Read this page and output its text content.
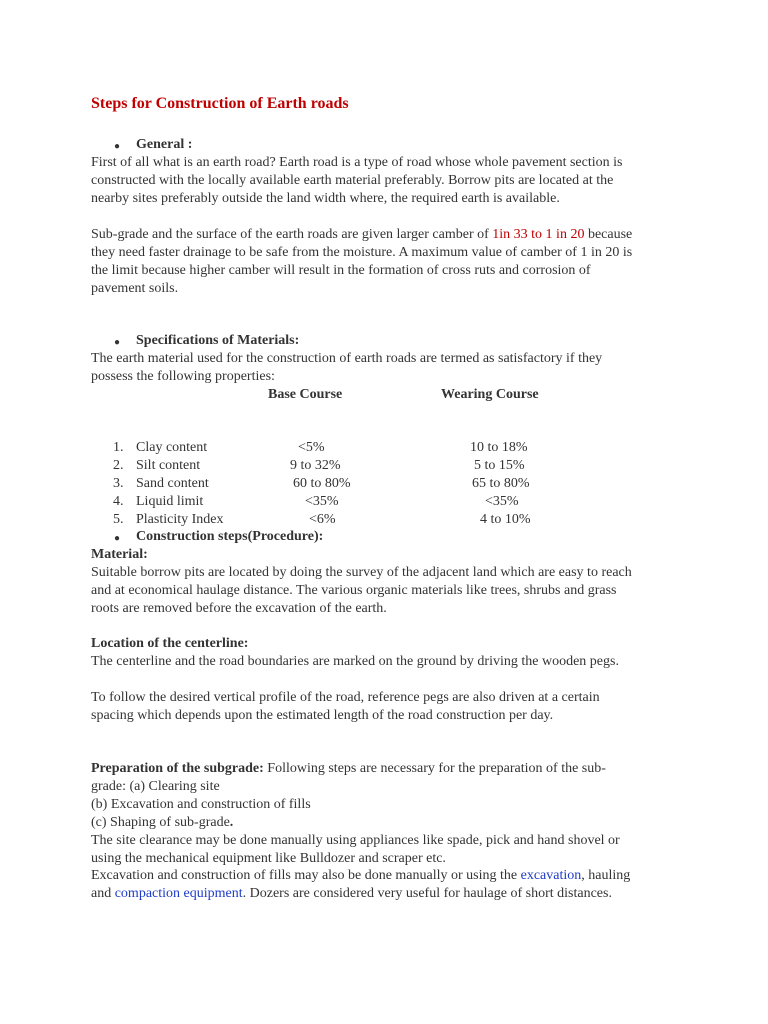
Steps for Construction of Earth roads
● General :
First of all what is an earth road? Earth road is a type of road whose whole pavement section is
constructed with the locally available earth material preferably. Borrow pits are located at the
nearby sites preferably outside the land width where, the required earth is available.
Sub-grade and the surface of the earth roads are given larger camber of 1in 33 to 1 in 20 because
they need faster drainage to be safe from the moisture. A maximum value of camber of 1 in 20 is
the limit because higher camber will result in the formation of cross ruts and corrosion of
pavement soils.
● Specifications of Materials:
The earth material used for the construction of earth roads are termed as satisfactory if they
possess the following properties:
Base Course	Wearing Course
1. Clay content	<5%	10 to 18%
2. Silt content	9 to 32%	5 to 15%
3. Sand content	60 to 80%	65 to 80%
4. Liquid limit	<35%	<35%
5. Plasticity Index	<6%	4 to 10%
● Construction steps(Procedure):
Material:
Suitable borrow pits are located by doing the survey of the adjacent land which are easy to reach
and at economical haulage distance. The various organic materials like trees, shrubs and grass
roots are removed before the excavation of the earth.
Location of the centerline:
The centerline and the road boundaries are marked on the ground by driving the wooden pegs.
To follow the desired vertical profile of the road, reference pegs are also driven at a certain
spacing which depends upon the estimated length of the road construction per day.
Preparation of the subgrade: Following steps are necessary for the preparation of the sub-
grade: (a) Clearing site
(b) Excavation and construction of fills
(c) Shaping of sub-grade.
The site clearance may be done manually using appliances like spade, pick and hand shovel or
using the mechanical equipment like Bulldozer and scraper etc.
Excavation and construction of fills may also be done manually or using the excavation, hauling
and compaction equipment. Dozers are considered very useful for haulage of short distances.
